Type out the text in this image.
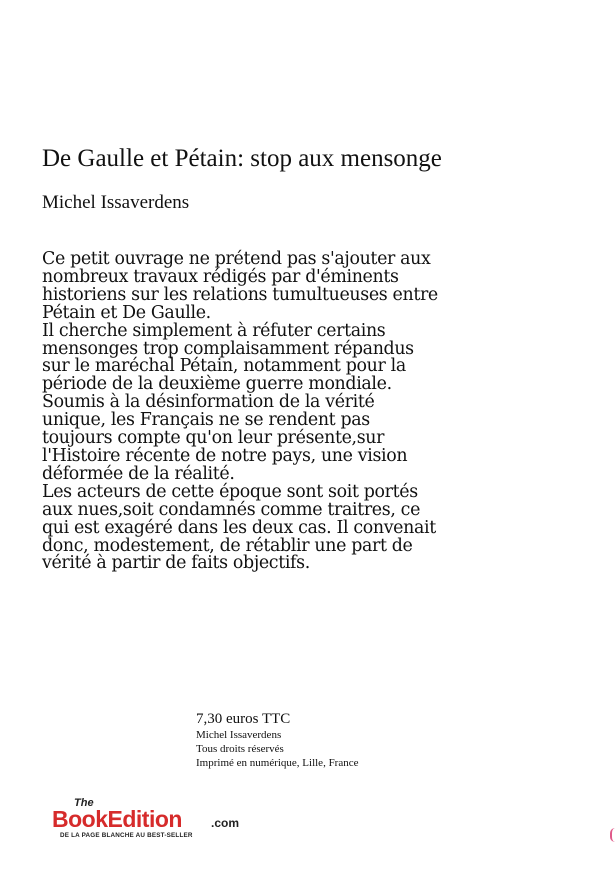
De Gaulle et Pétain: stop aux mensonge
Michel Issaverdens
Ce petit ouvrage ne prétend pas s'ajouter aux
nombreux travaux rédigés par d'éminents
historiens sur les relations tumultueuses entre
Pétain et De Gaulle.
Il cherche simplement à réfuter certains
mensonges trop complaisamment répandus
sur le maréchal Pétain, notamment pour la
période de la deuxième guerre mondiale.
Soumis à la désinformation de la vérité
unique, les Français ne se rendent pas
toujours compte qu'on leur présente,sur
l'Histoire récente de notre pays, une vision
déformée de la réalité.
Les acteurs de cette époque sont soit portés
aux nues,soit condamnés comme traitres, ce
qui est exagéré dans les deux cas. Il convenait
donc, modestement, de rétablir une part de
vérité à partir de faits objectifs.
7,30 euros TTC
Michel Issaverdens
Tous droits réservés
Imprimé en numérique, Lille, France
The
BookEdition .com
DE LA PAGE BLANCHE AU BEST-SELLER
